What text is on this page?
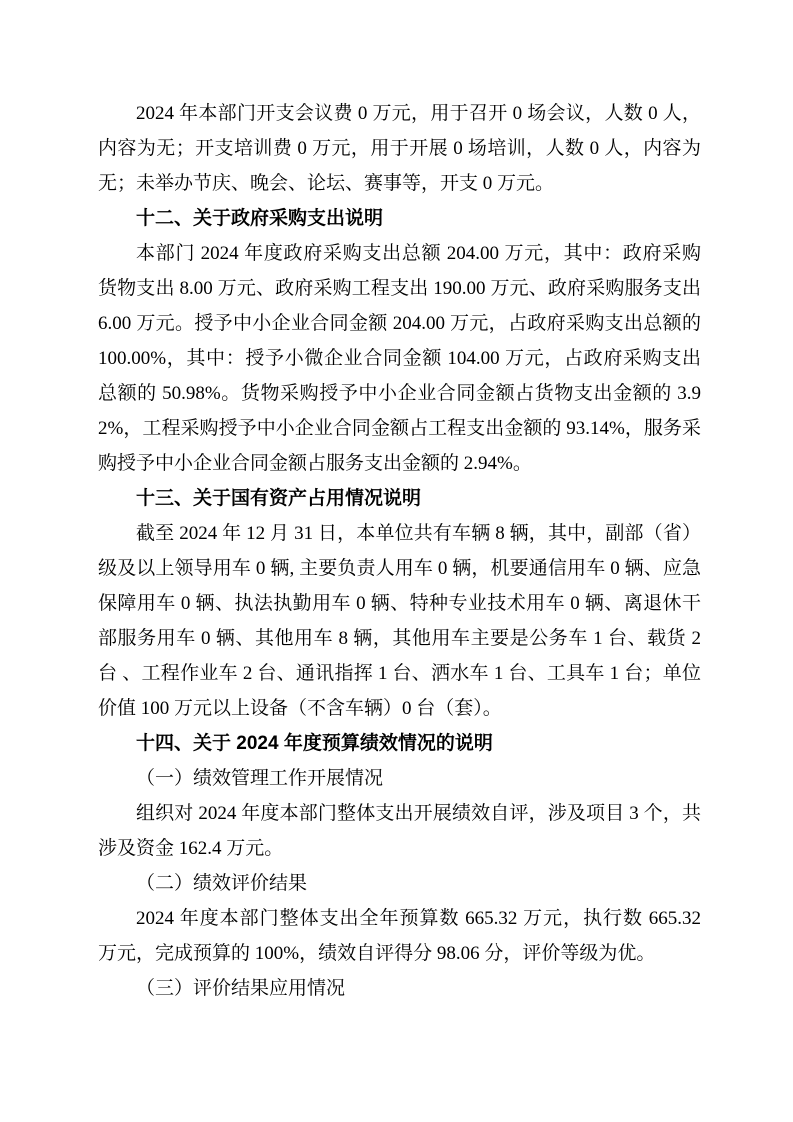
2024 年本部门开支会议费 0 万元，用于召开 0 场会议，人数 0 人，内容为无；开支培训费 0 万元，用于开展 0 场培训，人数 0 人，内容为无；未举办节庆、晚会、论坛、赛事等，开支 0 万元。

十二、关于政府采购支出说明

本部门 2024 年度政府采购支出总额 204.00 万元，其中：政府采购货物支出 8.00 万元、政府采购工程支出 190.00 万元、政府采购服务支出 6.00 万元。授予中小企业合同金额 204.00 万元，占政府采购支出总额的 100.00%，其中：授予小微企业合同金额 104.00 万元，占政府采购支出总额的 50.98%。货物采购授予中小企业合同金额占货物支出金额的 3.92%，工程采购授予中小企业合同金额占工程支出金额的 93.14%，服务采购授予中小企业合同金额占服务支出金额的 2.94%。

十三、关于国有资产占用情况说明

截至 2024 年 12 月 31 日，本单位共有车辆 8 辆，其中，副部（省）级及以上领导用车 0 辆, 主要负责人用车 0 辆，机要通信用车 0 辆、应急保障用车 0 辆、执法执勤用车 0 辆、特种专业技术用车 0 辆、离退休干部服务用车 0 辆、其他用车 8 辆，其他用车主要是公务车 1 台、载货 2 台 、工程作业车 2 台、通讯指挥 1 台、洒水车 1 台、工具车 1 台；单位价值 100 万元以上设备（不含车辆）0 台（套）。

十四、关于 2024 年度预算绩效情况的说明
（一）绩效管理工作开展情况

组织对 2024 年度本部门整体支出开展绩效自评，涉及项目 3 个，共涉及资金 162.4 万元。

（二）绩效评价结果

2024 年度本部门整体支出全年预算数 665.32 万元，执行数 665.32 万元，完成预算的 100%，绩效自评得分 98.06 分，评价等级为优。

（三）评价结果应用情况
